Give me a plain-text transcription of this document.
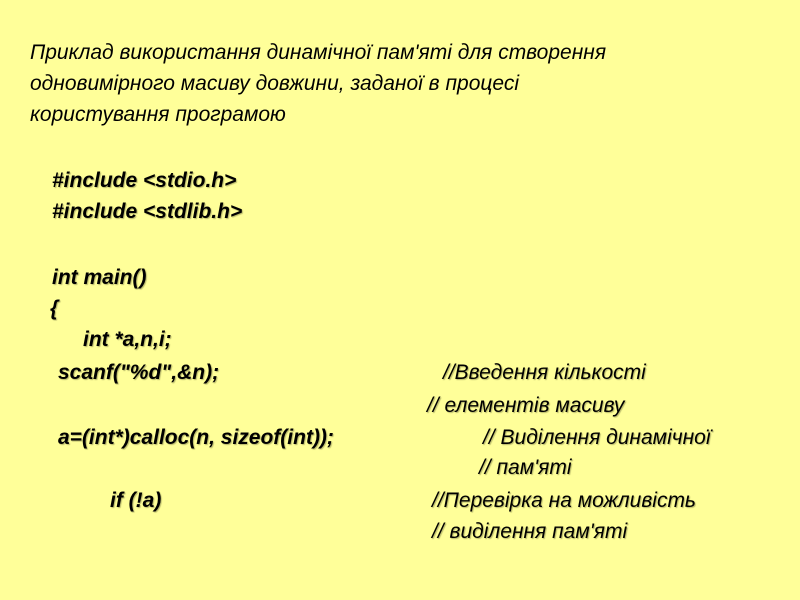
Приклад використання динамічної пам'яті для створення
одновимірного масиву довжини, заданої в процесі
користування програмою
#include <stdio.h>
#include <stdlib.h>
int main()
{
int *a,n,i;
scanf("%d",&n);	//Введення кількості
// елементів масиву
a=(int*)calloc(n, sizeof(int));	// Виділення динамічної
// пам'яті
if (!a)	//Перевірка на можливість
// виділення пам'яті
